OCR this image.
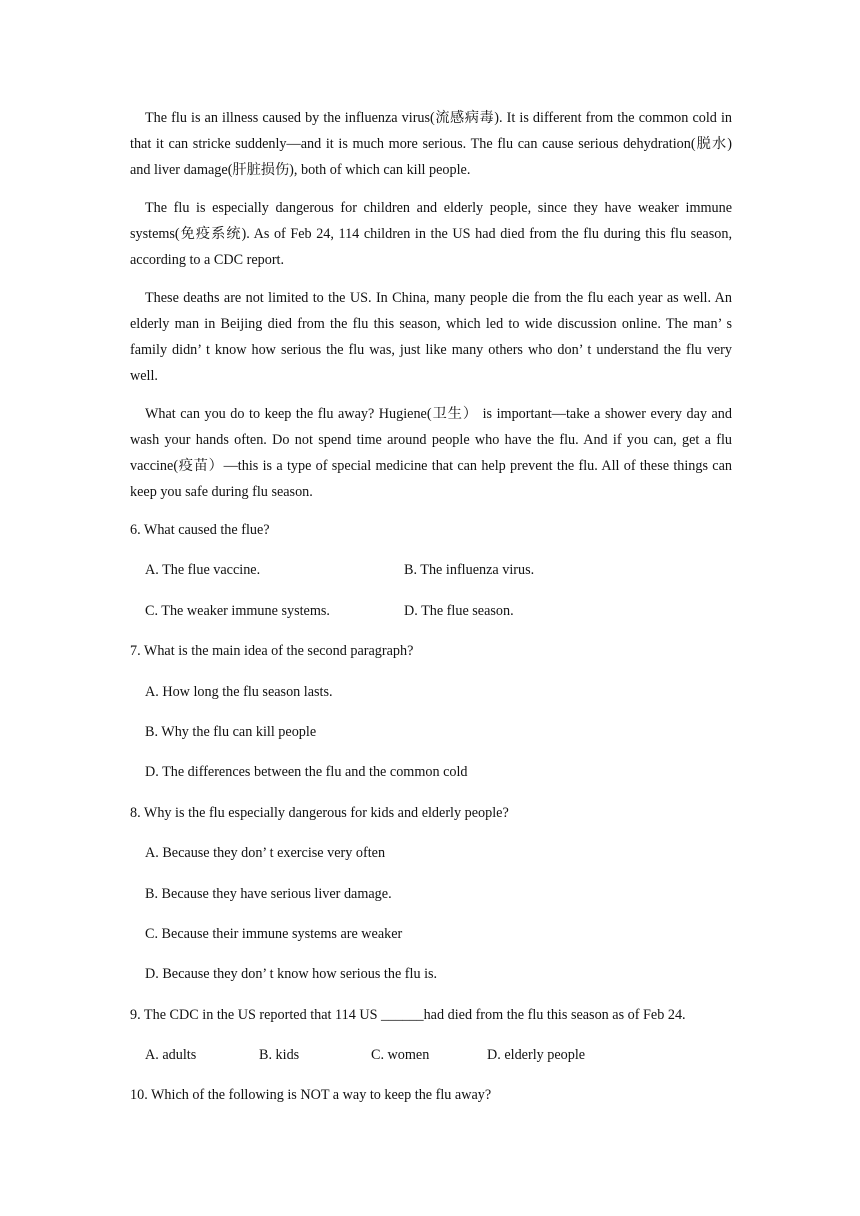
The flu is an illness caused by the influenza virus(流感病毒). It is different from the common cold in that it can stricke suddenly—and it is much more serious. The flu can cause serious dehydration(脱水) and liver damage(肝脏损伤), both of which can kill people.

The flu is especially dangerous for children and elderly people, since they have weaker immune systems(免疫系统). As of Feb 24, 114 children in the US had died from the flu during this flu season, according to a CDC report.

These deaths are not limited to the US. In China, many people die from the flu each year as well. An elderly man in Beijing died from the flu this season, which led to wide discussion online. The man’ s family didn’ t know how serious the flu was, just like many others who don’ t understand the flu very well.

What can you do to keep the flu away? Hugiene(卫生） is important—take a shower every day and wash your hands often. Do not spend time around people who have the flu. And if you can, get a flu vaccine(疫苗）—this is a type of special medicine that can help prevent the flu. All of these things can keep you safe during flu season.

6. What caused the flue?

A. The flue vaccine.	B. The influenza virus.
C. The weaker immune systems.	D. The flue season.

7. What is the main idea of the second paragraph?

A. How long the flu season lasts.

B. Why the flu can kill people

D. The differences between the flu and the common cold

8. Why is the flu especially dangerous for kids and elderly people?

A. Because they don’ t exercise very often

B. Because they have serious liver damage.

C. Because their immune systems are weaker

D. Because they don’ t know how serious the flu is.

9. The CDC in the US reported that 114 US ______had died from the flu this season as of Feb 24.

A. adults	B. kids	C. women	D. elderly people

10. Which of the following is NOT a way to keep the flu away?
